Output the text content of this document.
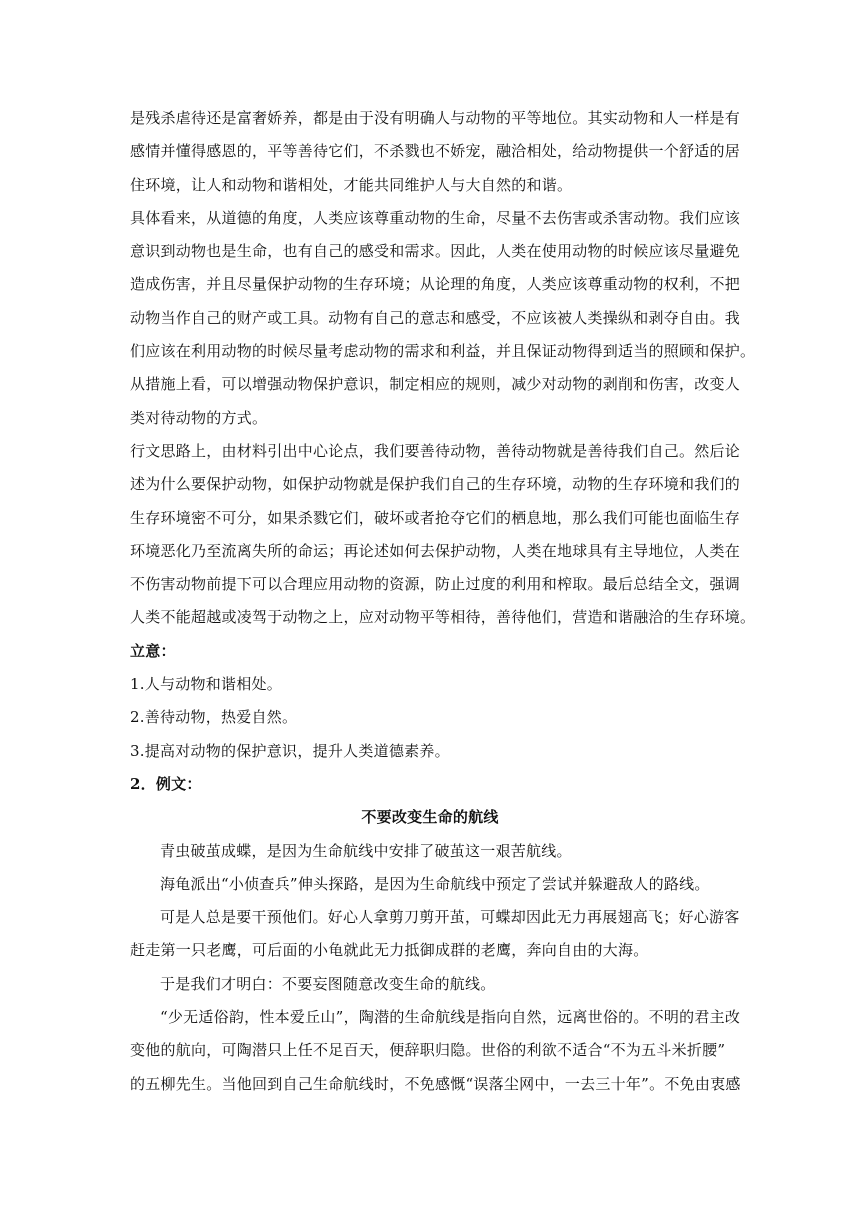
是残杀虐待还是富奢娇养，都是由于没有明确人与动物的平等地位。其实动物和人一样是有
感情并懂得感恩的，平等善待它们，不杀戮也不娇宠，融洽相处，给动物提供一个舒适的居
住环境，让人和动物和谐相处，才能共同维护人与大自然的和谐。
具体看来，从道德的角度，人类应该尊重动物的生命，尽量不去伤害或杀害动物。我们应该
意识到动物也是生命，也有自己的感受和需求。因此，人类在使用动物的时候应该尽量避免
造成伤害，并且尽量保护动物的生存环境；从论理的角度，人类应该尊重动物的权利，不把
动物当作自己的财产或工具。动物有自己的意志和感受，不应该被人类操纵和剥夺自由。我
们应该在利用动物的时候尽量考虑动物的需求和利益，并且保证动物得到适当的照顾和保护。
从措施上看，可以增强动物保护意识，制定相应的规则，减少对动物的剥削和伤害，改变人
类对待动物的方式。
行文思路上，由材料引出中心论点，我们要善待动物，善待动物就是善待我们自己。然后论
述为什么要保护动物，如保护动物就是保护我们自己的生存环境，动物的生存环境和我们的
生存环境密不可分，如果杀戮它们，破坏或者抢夺它们的栖息地，那么我们可能也面临生存
环境恶化乃至流离失所的命运；再论述如何去保护动物，人类在地球具有主导地位，人类在
不伤害动物前提下可以合理应用动物的资源，防止过度的利用和榨取。最后总结全文，强调
人类不能超越或凌驾于动物之上，应对动物平等相待，善待他们，营造和谐融洽的生存环境。
立意：
1.人与动物和谐相处。
2.善待动物，热爱自然。
3.提高对动物的保护意识，提升人类道德素养。
2．例文：
不要改变生命的航线
青虫破茧成蝶，是因为生命航线中安排了破茧这一艰苦航线。
海龟派出“小侦查兵”伸头探路，是因为生命航线中预定了尝试并躲避敌人的路线。
可是人总是要干预他们。好心人拿剪刀剪开茧，可蝶却因此无力再展翅高飞；好心游客
赶走第一只老鹰，可后面的小龟就此无力抵御成群的老鹰，奔向自由的大海。
于是我们才明白：不要妄图随意改变生命的航线。
“少无适俗韵，性本爱丘山”，陶潜的生命航线是指向自然，远离世俗的。不明的君主改
变他的航向，可陶潜只上任不足百天，便辞职归隐。世俗的利欲不适合“不为五斗米折腰”
的五柳先生。当他回到自己生命航线时，不免感慨“误落尘网中，一去三十年”。不免由衷感
